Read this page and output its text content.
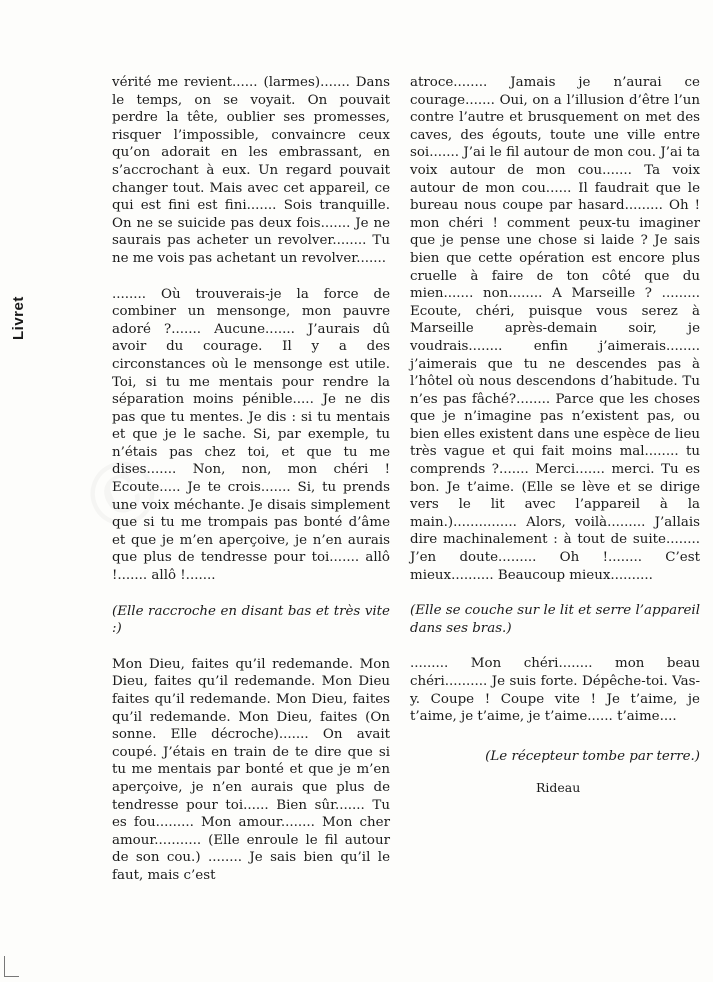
Livret
©

vérité me revient...... (larmes)....... Dans le temps, on se voyait. On pouvait perdre la tête, oublier ses promesses, risquer l’impossible, convaincre ceux qu’on adorait en les embrassant, en s’accrochant à eux. Un regard pouvait changer tout. Mais avec cet appareil, ce qui est fini est fini....... Sois tranquille. On ne se suicide pas deux fois....... Je ne saurais pas acheter un revolver........ Tu ne me vois pas achetant un revolver.......

........ Où trouverais-je la force de combiner un mensonge, mon pauvre adoré ?....... Aucune....... J’aurais dû avoir du courage. Il y a des circonstances où le mensonge est utile. Toi, si tu me mentais pour rendre la séparation moins pénible..... Je ne dis pas que tu mentes. Je dis : si tu mentais et que je le sache. Si, par exemple, tu n’étais pas chez toi, et que tu me dises....... Non, non, mon chéri ! Ecoute..... Je te crois....... Si, tu prends une voix méchante. Je disais simplement que si tu me trompais pas bonté d’âme et que je m’en aperçoive, je n’en aurais que plus de tendresse pour toi....... allô !....... allô !.......

(Elle raccroche en disant bas et très vite :)

Mon Dieu, faites qu’il redemande. Mon Dieu, faites qu’il redemande. Mon Dieu faites qu’il redemande. Mon Dieu, faites qu’il redemande. Mon Dieu, faites (On sonne. Elle décroche)....... On avait coupé. J’étais en train de te dire que si tu me mentais par bonté et que je m’en aperçoive, je n’en aurais que plus de tendresse pour toi...... Bien sûr....... Tu es fou......... Mon amour........ Mon cher amour........... (Elle enroule le fil autour de son cou.) ........ Je sais bien qu’il le faut, mais c’est

atroce........ Jamais je n’aurai ce courage....... Oui, on a l’illusion d’être l’un contre l’autre et brusquement on met des caves, des égouts, toute une ville entre soi....... J’ai le fil autour de mon cou. J’ai ta voix autour de mon cou....... Ta voix autour de mon cou...... Il faudrait que le bureau nous coupe par hasard......... Oh ! mon chéri ! comment peux-tu imaginer que je pense une chose si laide ? Je sais bien que cette opération est encore plus cruelle à faire de ton côté que du mien....... non........ A Marseille ? ......... Ecoute, chéri, puisque vous serez à Marseille après-demain soir, je voudrais........ enfin j’aimerais........ j’aimerais que tu ne descendes pas à l’hôtel où nous descendons d’habitude. Tu n’es pas fâché?........ Parce que les choses que je n’imagine pas n’existent pas, ou bien elles existent dans une espèce de lieu très vague et qui fait moins mal........ tu comprends ?....... Merci....... merci. Tu es bon. Je t’aime. (Elle se lève et se dirige vers le lit avec l’appareil à la main.)............... Alors, voilà......... J’allais dire machinalement : à tout de suite........ J’en doute......... Oh !........ C’est mieux.......... Beaucoup mieux..........

(Elle se couche sur le lit et serre l’appareil dans ses bras.)

......... Mon chéri........ mon beau chéri.......... Je suis forte. Dépêche-toi. Vas-y. Coupe ! Coupe vite ! Je t’aime, je t’aime, je t’aime, je t’aime...... t’aime....

(Le récepteur tombe par terre.)

Rideau
